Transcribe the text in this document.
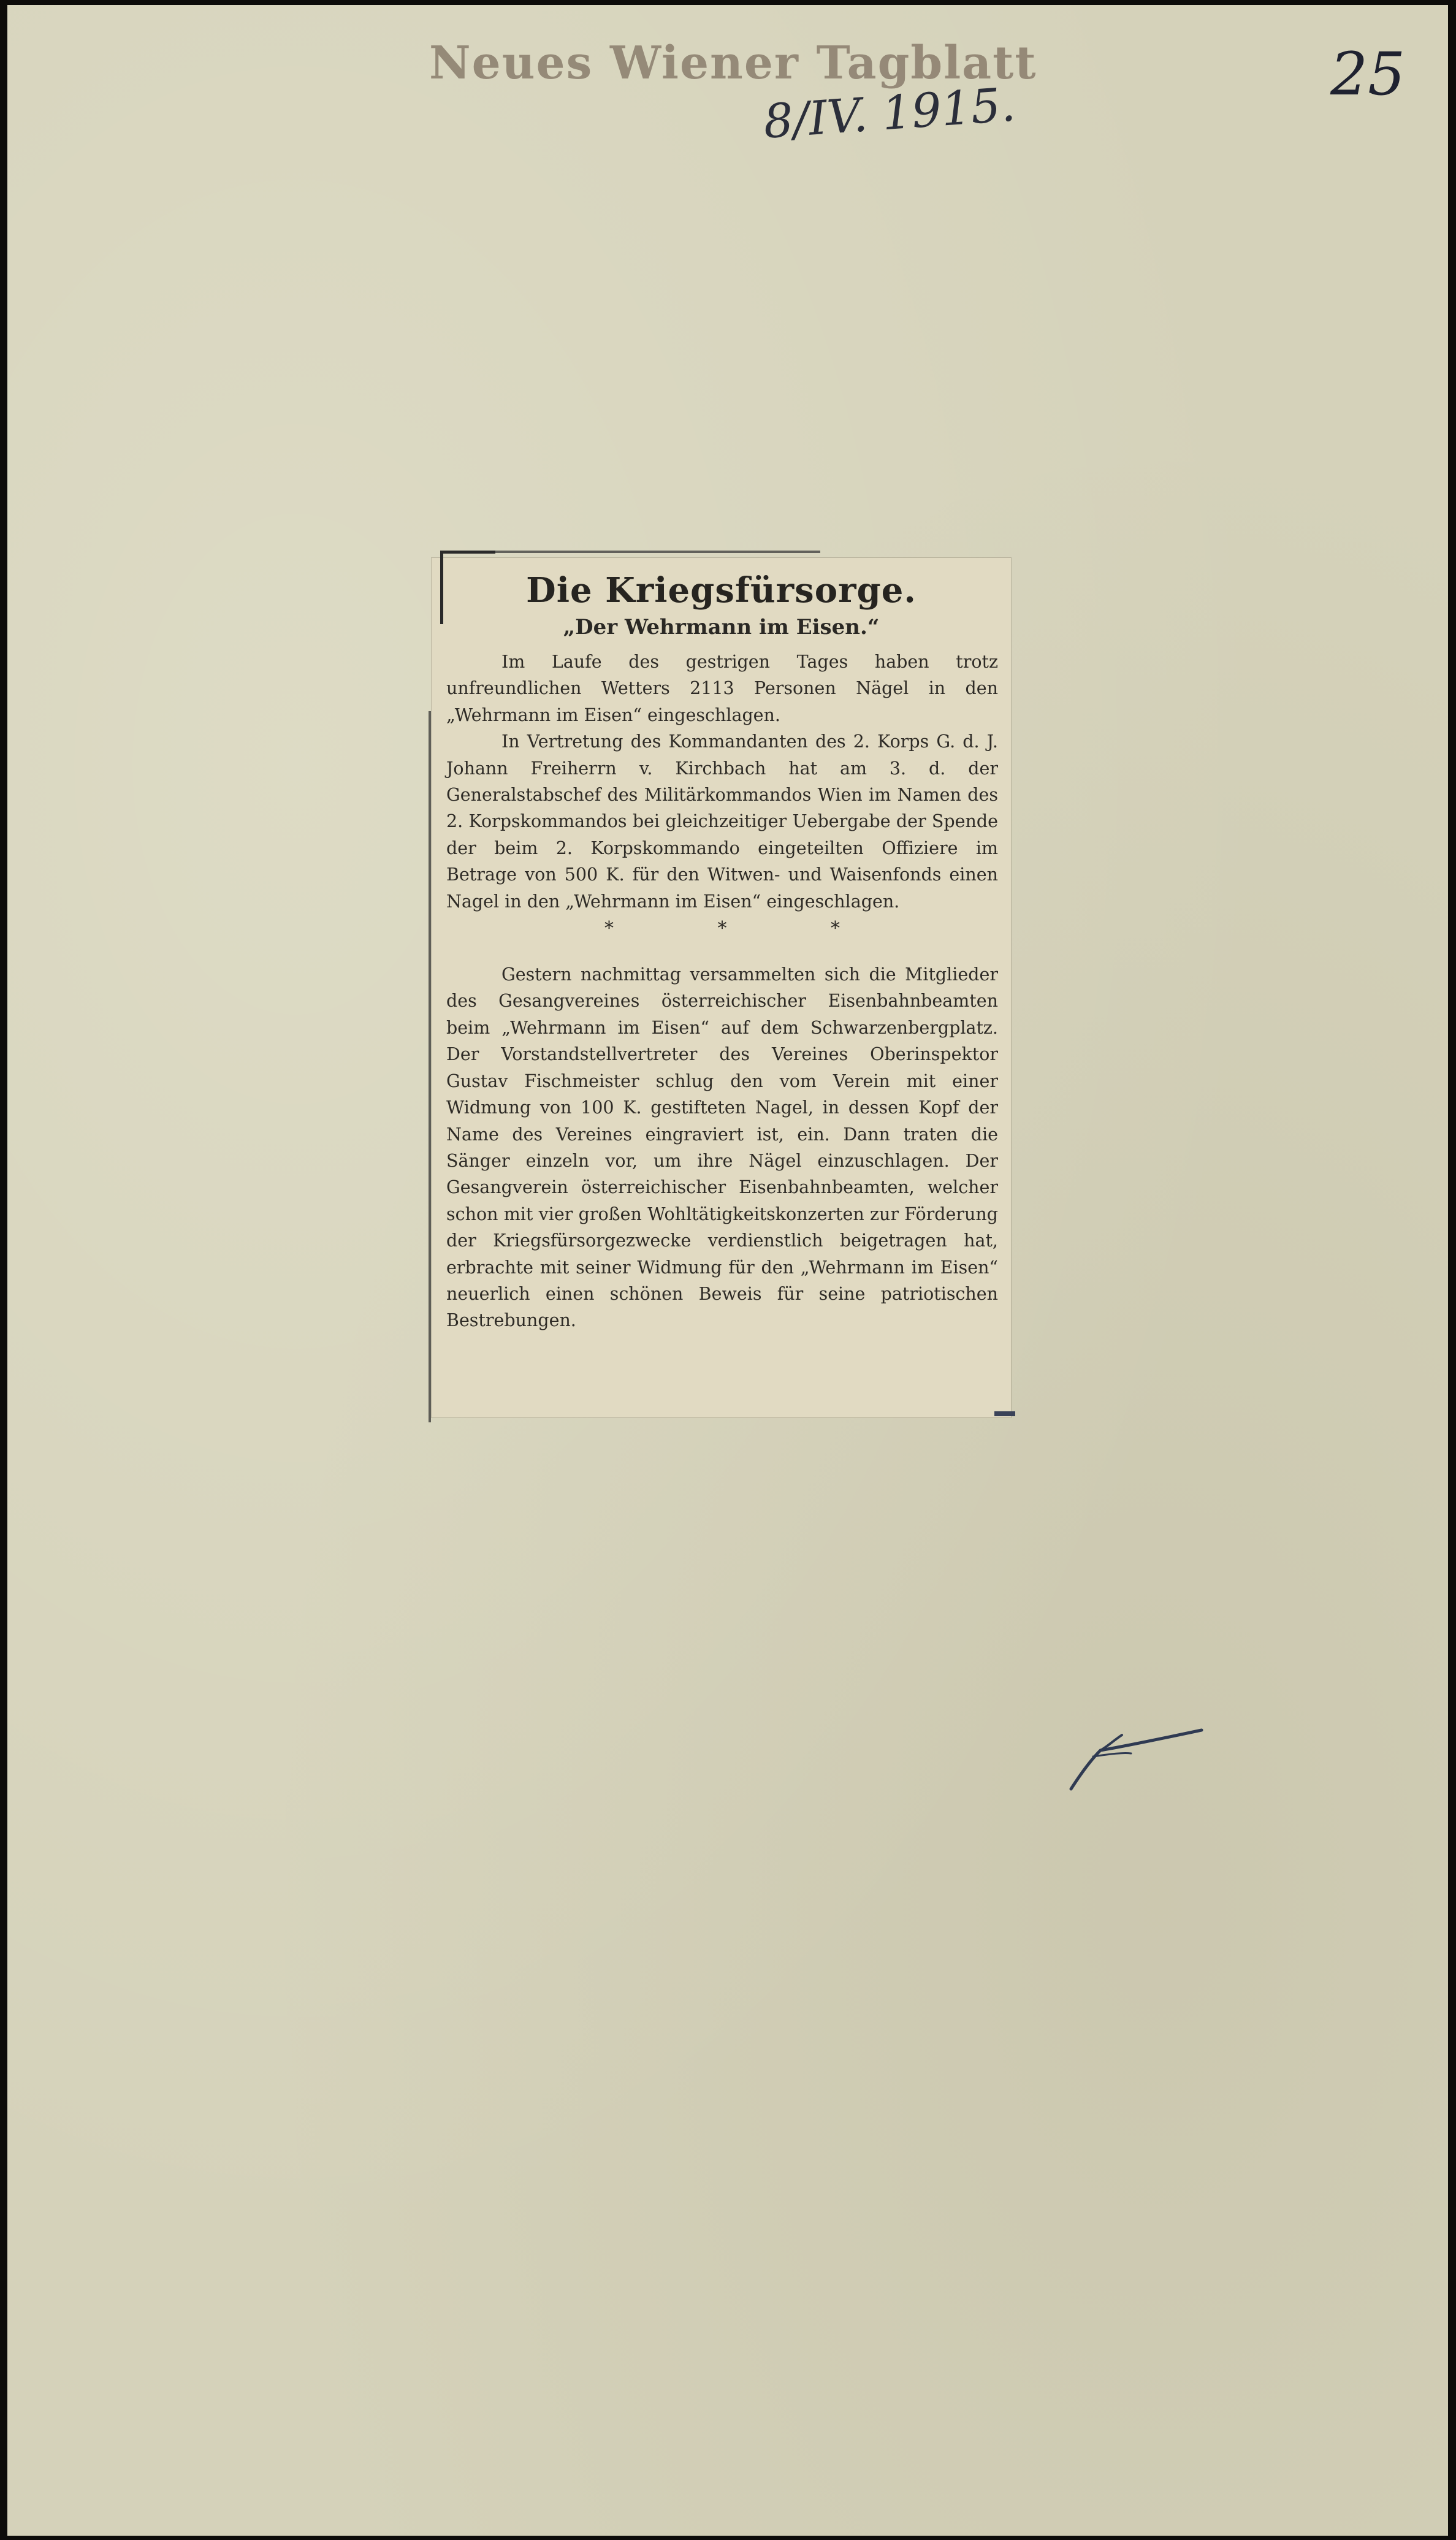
Neues Wiener Tagblatt
8/IV. 1915.
25
Die Kriegsfürsorge.
„Der Wehrmann im Eisen.“

Im Laufe des gestrigen Tages haben trotz unfreundlichen Wetters 2113 Personen Nägel in den „Wehrmann im Eisen“ eingeschlagen.

In Vertretung des Kommandanten des 2. Korps G. d. J. Johann Freiherrn v. Kirchbach hat am 3. d. der Generalstabschef des Militärkommandos Wien im Namen des 2. Korpskommandos bei gleichzeitiger Uebergabe der Spende der beim 2. Korpskommando eingeteilten Offiziere im Betrage von 500 K. für den Witwen- und Waisenfonds einen Nagel in den „Wehrmann im Eisen“ eingeschlagen.

* * *

Gestern nachmittag versammelten sich die Mitglieder des Gesangvereines österreichischer Eisenbahnbeamten beim „Wehrmann im Eisen“ auf dem Schwarzenbergplatz. Der Vorstandstellvertreter des Vereines Oberinspektor Gustav Fischmeister schlug den vom Verein mit einer Widmung von 100 K. gestifteten Nagel, in dessen Kopf der Name des Vereines eingraviert ist, ein. Dann traten die Sänger einzeln vor, um ihre Nägel einzuschlagen. Der Gesangverein österreichischer Eisenbahnbeamten, welcher schon mit vier großen Wohltätigkeitskonzerten zur Förderung der Kriegsfürsorgezwecke verdienstlich beigetragen hat, erbrachte mit seiner Widmung für den „Wehrmann im Eisen“ neuerlich einen schönen Beweis für seine patriotischen Bestrebungen.
